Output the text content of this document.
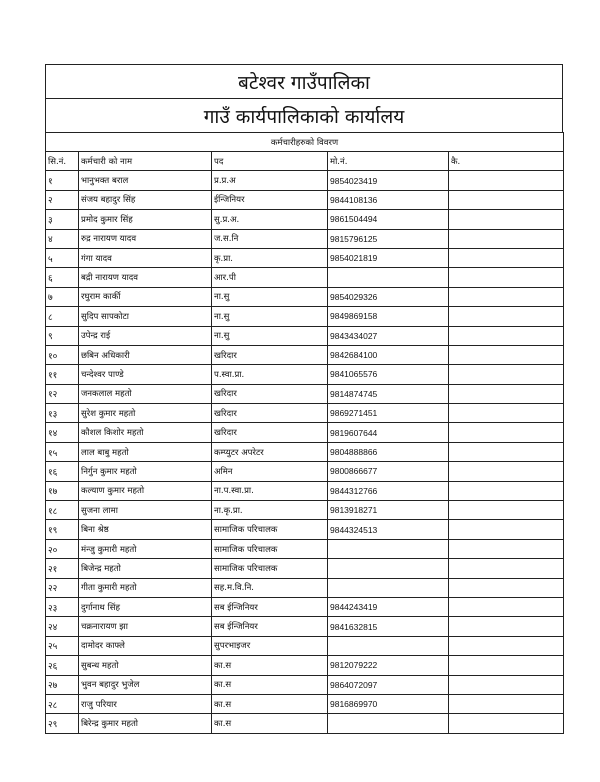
बटेश्वर गाउँपालिका
गाउँ कार्यपालिकाको कार्यालय
कर्मचारीहरुको विवरण				
सि.नं.	कर्मचारी को नाम	पद	मो.नं.	कै.
१	भानुभक्त बराल	प्र.प्र.अ	9854023419	
२	संजय बहादुर सिंह	ईन्जिनियर	9844108136	
३	प्रमोद कुमार सिंह	सु.प्र.अ.	9861504494	
४	रुद्र नारायण यादव	ज.स.नि	9815796125	
५	गंगा यादव	कृ.प्रा.	9854021819	
६	बद्री नारायण यादव	आर.पी		
७	रघुराम कार्की	ना.सु	9854029326	
८	सुदिप सापकोटा	ना.सु	9849869158	
९	उपेन्द्र राई	ना.सु	9843434027	
१०	छबिन अधिकारी	खरिदार	9842684100	
११	चन्देश्वर पाण्डे	प.स्वा.प्रा.	9841065576	
१२	जनकलाल महतो	खरिदार	9814874745	
१३	सुरेश कुमार महतो	खरिदार	9869271451	
१४	कौशल किशोर महतो	खरिदार	9819607644	
१५	लाल बाबु महतो	कम्प्युटर अपरेटर	9804888866	
१६	निर्गुन कुमार महतो	अमिन	9800866677	
१७	कल्याण कुमार महतो	ना.प.स्वा.प्रा.	9844312766	
१८	सुजना लामा	ना.कृ.प्रा.	9813918271	
१९	बिना श्रेष्ठ	सामाजिक परिचालक	9844324513	
२०	मंन्जु कुमारी महतो	सामाजिक परिचालक		
२१	बिजेन्द्र महतो	सामाजिक परिचालक		
२२	गीता कुमारी महतो	सह.म.वि.नि.		
२३	दुर्गानाथ सिंह	सब ईन्जिनियर	9844243419	
२४	चक्रनारायण झा	सब ईन्जिनियर	9841632815	
२५	दामोदर काफ्ले	सुपरभाइजर		
२६	सुबन्ध महतो	का.स	9812079222	
२७	भुवन बहादुर भुजेल	का.स	9864072097	
२८	राजु परियार	का.स	9816869970	
२९	बिरेन्द्र कुमार महतो	का.स		
